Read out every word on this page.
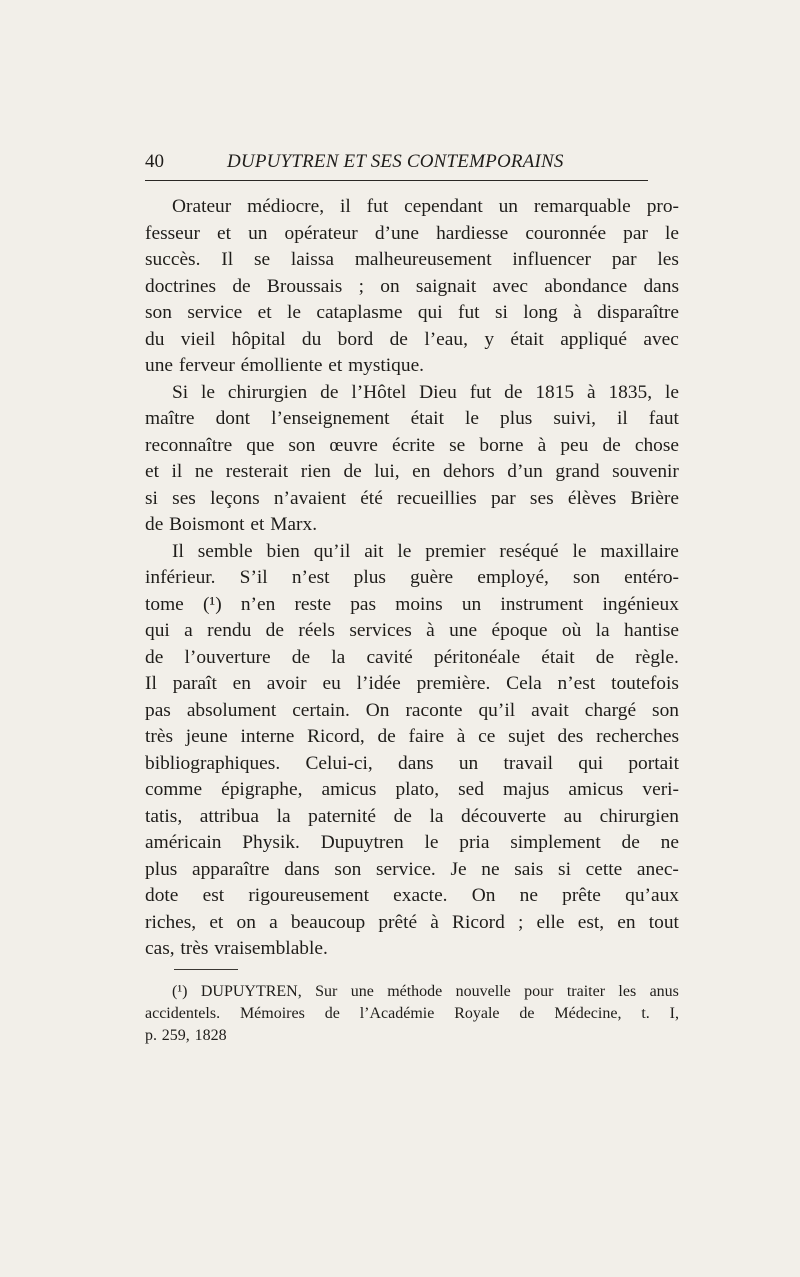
40	DUPUYTREN ET SES CONTEMPORAINS
Orateur médiocre, il fut cependant un remarquable pro-
fesseur et un opérateur d’une hardiesse couronnée par le
succès. Il se laissa malheureusement influencer par les
doctrines de Broussais ; on saignait avec abondance dans
son service et le cataplasme qui fut si long à disparaître
du vieil hôpital du bord de l’eau, y était appliqué avec
une ferveur émolliente et mystique.
Si le chirurgien de l’Hôtel Dieu fut de 1815 à 1835, le
maître dont l’enseignement était le plus suivi, il faut
reconnaître que son œuvre écrite se borne à peu de chose
et il ne resterait rien de lui, en dehors d’un grand souvenir
si ses leçons n’avaient été recueillies par ses élèves Brière
de Boismont et Marx.
Il semble bien qu’il ait le premier reséqué le maxillaire
inférieur. S’il n’est plus guère employé, son entéro-
tome (¹) n’en reste pas moins un instrument ingénieux
qui a rendu de réels services à une époque où la hantise
de l’ouverture de la cavité péritonéale était de règle.
Il paraît en avoir eu l’idée première. Cela n’est toutefois
pas absolument certain. On raconte qu’il avait chargé son
très jeune interne Ricord, de faire à ce sujet des recherches
bibliographiques. Celui-ci, dans un travail qui portait
comme épigraphe, amicus plato, sed majus amicus veri-
tatis, attribua la paternité de la découverte au chirurgien
américain Physik. Dupuytren le pria simplement de ne
plus apparaître dans son service. Je ne sais si cette anec-
dote est rigoureusement exacte. On ne prête qu’aux
riches, et on a beaucoup prêté à Ricord ; elle est, en tout
cas, très vraisemblable.
(¹) DUPUYTREN, Sur une méthode nouvelle pour traiter les anus
accidentels. Mémoires de l’Académie Royale de Médecine, t. I,
p. 259, 1828
